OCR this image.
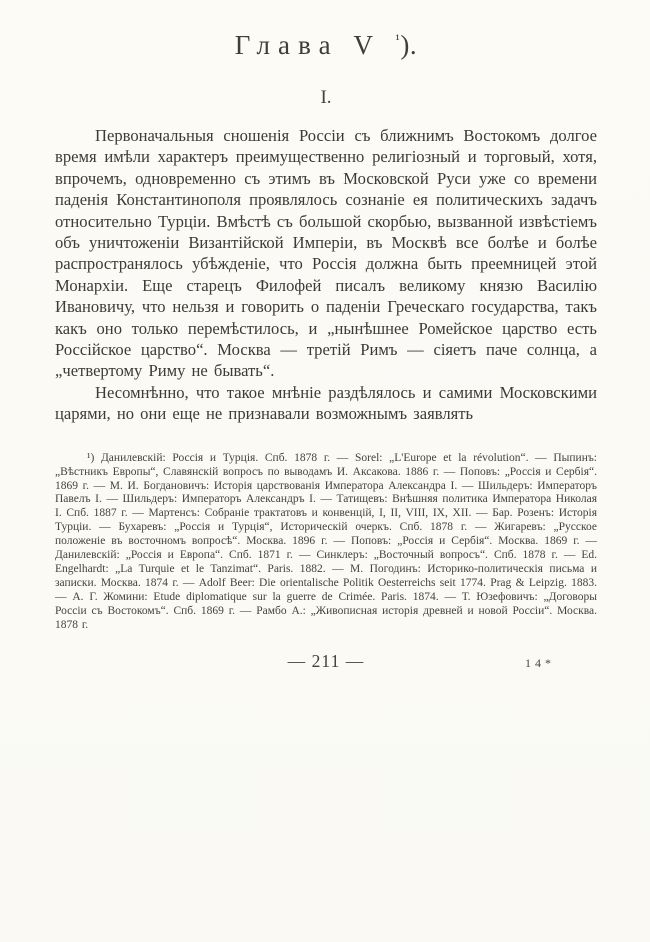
Глава V $^{^1}$).
I.

Первоначальныя сношенія Россіи съ ближнимъ Востокомъ долгое время имѣли характеръ преимущественно религіозный и торговый, хотя, впрочемъ, одновременно съ этимъ въ Московской Руси уже со времени паденія Константинополя проявлялось сознаніе ея политическихъ задачъ относительно Турціи. Вмѣстѣ съ большой скорбью, вызванной извѣстіемъ объ уничтоженіи Византійской Имперіи, въ Москвѣ все болѣе и болѣе распространялось убѣжденіе, что Россія должна быть преемницей этой Монархіи. Еще старецъ Филофей писалъ великому князю Василію Ивановичу, что нельзя и говорить о паденіи Греческаго государства, такъ какъ оно только перемѣстилось, и „нынѣшнее Ромейское царство есть Россійское царство“. Москва — третій Римъ — сіяетъ паче солнца, а „четвертому Риму не бывать“.

Несомнѣнно, что такое мнѣніе раздѣлялось и самими Московскими царями, но они еще не признавали возможнымъ заявлять

¹) Данилевскій: Россія и Турція. Спб. 1878 г. — Sorel: „L'Europe et la révolution“. — Пыпинъ: „Вѣстникъ Европы“, Славянскій вопросъ по выводамъ И. Аксакова. 1886 г. — Поповъ: „Россія и Сербія“. 1869 г. — М. И. Богдановичъ: Исторія царствованія Императора Александра I. — Шильдеръ: Императоръ Павелъ I. — Шильдеръ: Императоръ Александръ I. — Татищевъ: Внѣшняя политика Императора Николая I. Спб. 1887 г. — Мартенсъ: Собраніе трактатовъ и конвенцій, I, II, VIII, IX, XII. — Бар. Розенъ: Исторія Турціи. — Бухаревъ: „Россія и Турція“, Историческій очеркъ. Спб. 1878 г. — Жигаревъ: „Русское положеніе въ восточномъ вопросѣ“. Москва. 1896 г. — Поповъ: „Россія и Сербія“. Москва. 1869 г. — Данилевскій: „Россія и Европа“. Спб. 1871 г. — Синклеръ: „Восточный вопросъ“. Спб. 1878 г. — Ed. Engelhardt: „La Turquie et le Tanzimat“. Paris. 1882. — М. Погодинъ: Историко-политическія письма и записки. Москва. 1874 г. — Adolf Beer: Die orientalische Politik Oesterreichs seit 1774. Prag & Leipzig. 1883. — А. Г. Жомини: Etude diplomatique sur la guerre de Crimée. Paris. 1874. — Т. Юзефовичъ: „Договоры Россіи съ Востокомъ“. Спб. 1869 г. — Рамбо А.: „Живописная исторія древней и новой Россіи“. Москва. 1878 г.
— 211 —	14*
